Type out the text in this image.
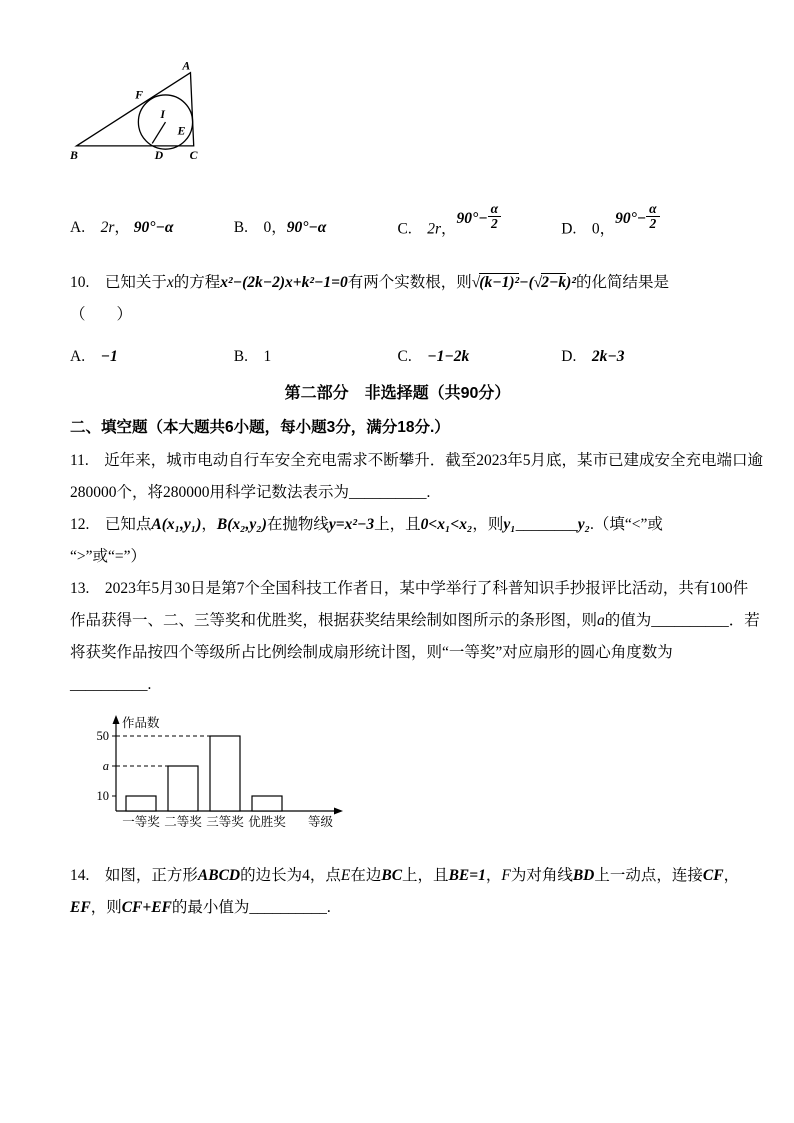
A
F
B	D C
E
I
A.　2r， 90°−α	B.　0，90°−α	C.　2r，$90^\circ- \frac{\alpha}{2}$	D.　0，$90^\circ- \frac{\alpha}{2}$
10.　已知关于x的方程x²−(2k−2)x+k²−1=0有两个实数根，则√(k−1)²−(√2−k)²的化简结果是
（　　）
A.　−1	B.　1	C.　−1−2k	D.　2k−3
第二部分　非选择题（共90分）
二、填空题（本大题共6小题，每小题3分，满分18分.）
11.　近年来，城市电动自行车安全充电需求不断攀升．截至2023年5月底，某市已建成安全充电端口逾
280000个，将280000用科学记数法表示为__________.
12.　已知点A(x₁,y₁)，B(x₂,y₂)在抛物线y=x²−3上，且0<x₁<x₂，则y₁________y₂.（填“<”或
“>”或“=”）
13.　2023年5月30日是第7个全国科技工作者日，某中学举行了科普知识手抄报评比活动，共有100件
作品获得一、二、三等奖和优胜奖，根据获奖结果绘制如图所示的条形图，则a的值为__________．若
将获奖作品按四个等级所占比例绘制成扇形统计图，则“一等奖”对应扇形的圆心角度数为
__________.
作品数
等级
10
a
50
一等奖 二等奖 三等奖 优胜奖
14.　如图，正方形ABCD的边长为4，点E在边BC上，且BE=1，F为对角线BD上一动点，连接CF，
EF，则CF+EF的最小值为__________.
